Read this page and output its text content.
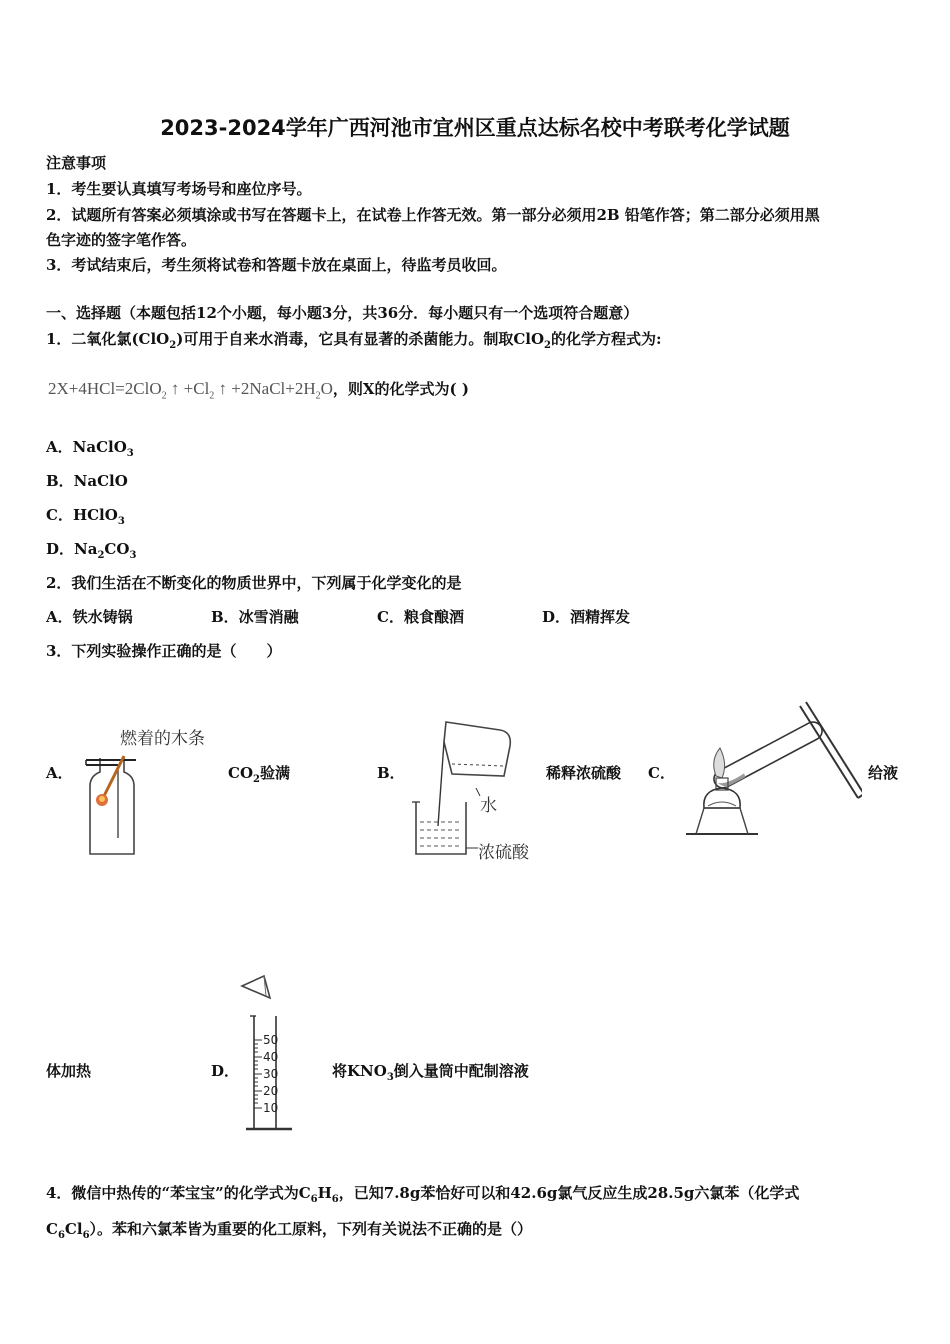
2023-2024学年广西河池市宜州区重点达标名校中考联考化学试题
注意事项
1．考生要认真填写考场号和座位序号。
2．试题所有答案必须填涂或书写在答题卡上，在试卷上作答无效。第一部分必须用2B 铅笔作答；第二部分必须用黑
色字迹的签字笔作答。
3．考试结束后，考生须将试卷和答题卡放在桌面上，待监考员收回。
一、选择题（本题包括12个小题，每小题3分，共36分．每小题只有一个选项符合题意）
1．二氧化氯(ClO$_2$)可用于自来水消毒，它具有显著的杀菌能力。制取ClO$_2$的化学方程式为:
2X+4HCl=2ClO$_2$ ↑ $+Cl_2$ ↑ $+2NaCl+2H_2O$，则X的化学式为( )
A．NaClO$_3$
B．NaClO
C．HClO$_3$
D．$Na_2CO_3$
2．我们生活在不断变化的物质世界中，下列属于化学变化的是
A．铁水铸锅	B．冰雪消融	C．粮食酿酒	D．酒精挥发
3．下列实验操作正确的是（　　）
A．
燃着的木条
$CO_2$验满	B．
水
浓硫酸
稀释浓硫酸 C．	给液
体加热	D．
50
40
30
20
10
将$KNO_3$倒入量筒中配制溶液
4．微信中热传的“苯宝宝”的化学式为$C_6H_6$，已知7.8g苯恰好可以和42.6g氯气反应生成28.5g六氯苯（化学式
$C_6Cl_6$）。苯和六氯苯皆为重要的化工原料，下列有关说法不正确的是（）
